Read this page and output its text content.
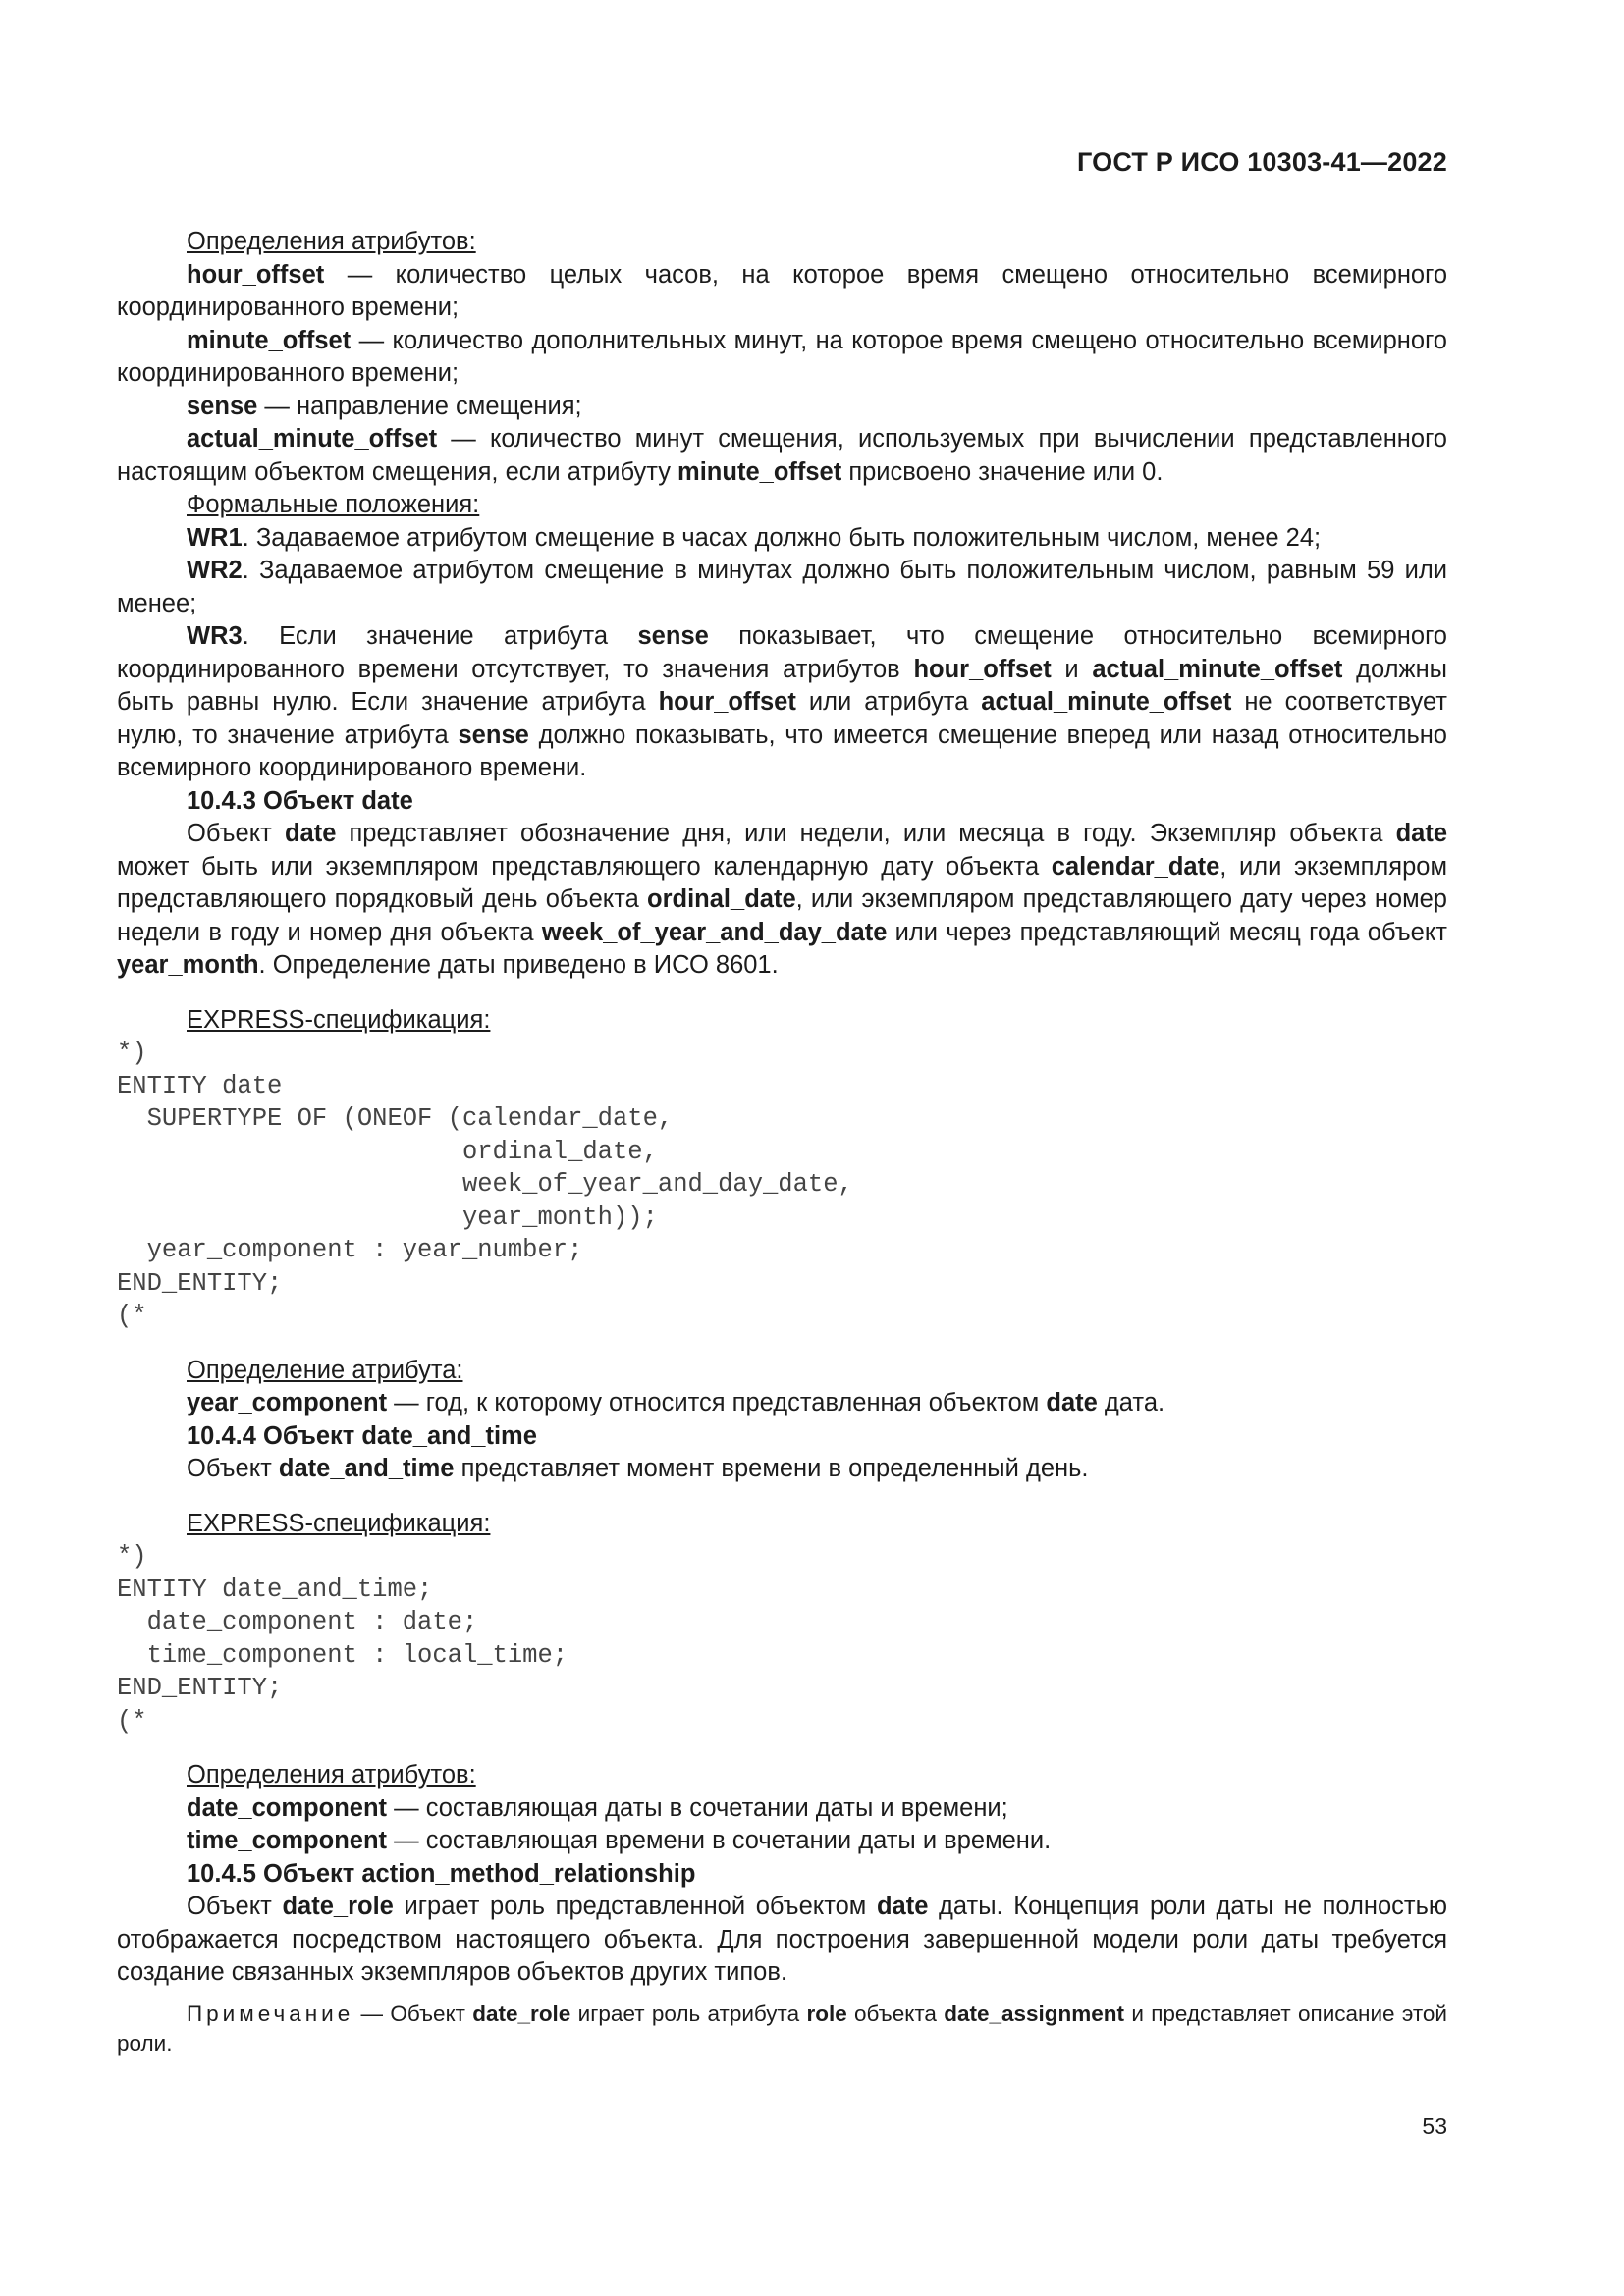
ГОСТ Р ИСО 10303-41—2022

Определения атрибутов:

hour_offset — количество целых часов, на которое время смещено относительно всемирного координированного времени;

minute_offset — количество дополнительных минут, на которое время смещено относительно всемирного координированного времени;

sense — направление смещения;

actual_minute_offset — количество минут смещения, используемых при вычислении представленного настоящим объектом смещения, если атрибуту minute_offset присвоено значение или 0.

Формальные положения:

WR1. Задаваемое атрибутом смещение в часах должно быть положительным числом, менее 24;

WR2. Задаваемое атрибутом смещение в минутах должно быть положительным числом, равным 59 или менее;

WR3. Если значение атрибута sense показывает, что смещение относительно всемирного координированного времени отсутствует, то значения атрибутов hour_offset и actual_minute_offset должны быть равны нулю. Если значение атрибута hour_offset или атрибута actual_minute_offset не соответствует нулю, то значение атрибута sense должно показывать, что имеется смещение вперед или назад относительно всемирного координированого времени.

10.4.3 Объект date

Объект date представляет обозначение дня, или недели, или месяца в году. Экземпляр объекта date может быть или экземпляром представляющего календарную дату объекта calendar_date, или экземпляром представляющего порядковый день объекта ordinal_date, или экземпляром представляющего дату через номер недели в году и номер дня объекта week_of_year_and_day_date или через представляющий месяц года объект year_month. Определение даты приведено в ИСО 8601.

EXPRESS-спецификация:

*)
ENTITY date
SUPERTYPE OF (ONEOF (calendar_date,
ordinal_date,
week_of_year_and_day_date,
year_month));
year_component : year_number;
END_ENTITY;
(*

Определение атрибута:

year_component — год, к которому относится представленная объектом date дата.

10.4.4 Объект date_and_time

Объект date_and_time представляет момент времени в определенный день.

EXPRESS-спецификация:

*)
ENTITY date_and_time;
date_component : date;
time_component : local_time;
END_ENTITY;
(*

Определения атрибутов:

date_component — составляющая даты в сочетании даты и времени;

time_component — составляющая времени в сочетании даты и времени.

10.4.5 Объект action_method_relationship

Объект date_role играет роль представленной объектом date даты. Концепция роли даты не полностью отображается посредством настоящего объекта. Для построения завершенной модели роли даты требуется создание связанных экземпляров объектов других типов.

Примечание — Объект date_role играет роль атрибута role объекта date_assignment и представляет описание этой роли.

53
